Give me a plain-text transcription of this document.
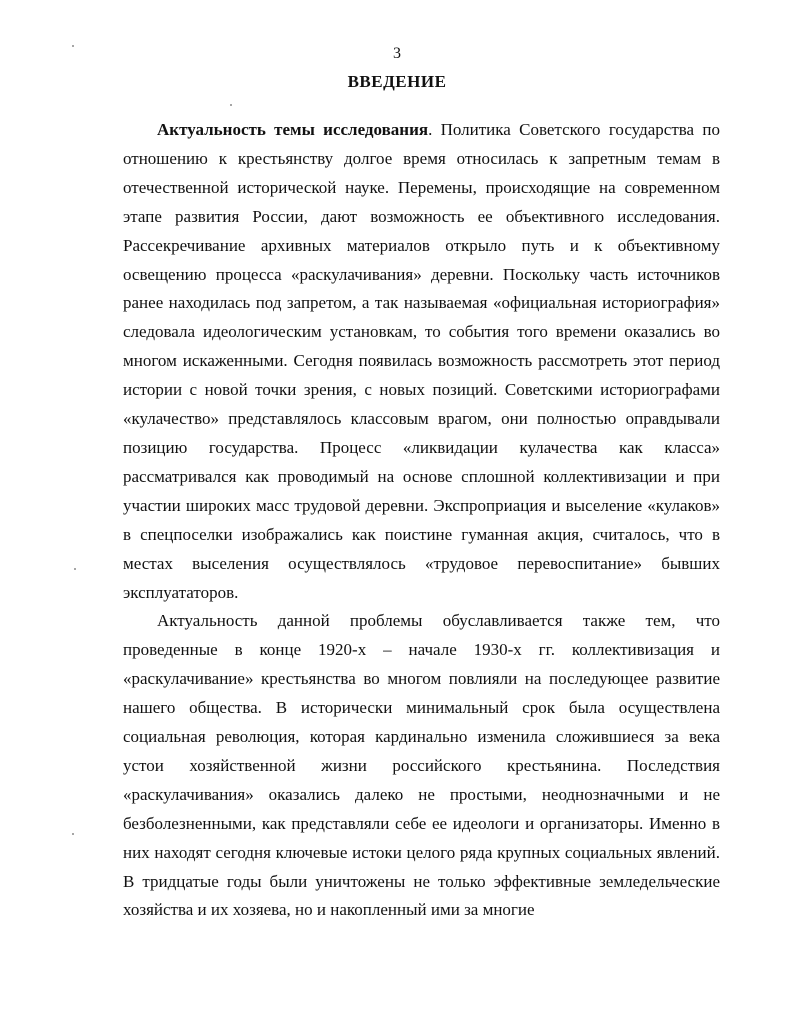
3
ВВЕДЕНИЕ

Актуальность темы исследования. Политика Советского государства по отношению к крестьянству долгое время относилась к запретным темам в отечественной исторической науке. Перемены, происходящие на современном этапе развития России, дают возможность ее объективного исследования. Рассекречивание архивных материалов открыло путь и к объективному освещению процесса «раскулачивания» деревни. Поскольку часть источников ранее находилась под запретом, а так называемая «официальная историография» следовала идеологическим установкам, то события того времени оказались во многом искаженными. Сегодня появилась возможность рассмотреть этот период истории с новой точки зрения, с новых позиций. Советскими историографами «кулачество» представлялось классовым врагом, они полностью оправдывали позицию государства. Процесс «ликвидации кулачества как класса» рассматривался как проводимый на основе сплошной коллективизации и при участии широких масс трудовой деревни. Экспроприация и выселение «кулаков» в спецпоселки изображались как поистине гуманная акция, считалось, что в местах выселения осуществлялось «трудовое перевоспитание» бывших эксплуататоров.

Актуальность данной проблемы обуславливается также тем, что проведенные в конце 1920-х – начале 1930-х гг. коллективизация и «раскулачивание» крестьянства во многом повлияли на последующее развитие нашего общества. В исторически минимальный срок была осуществлена социальная революция, которая кардинально изменила сложившиеся за века устои хозяйственной жизни российского крестьянина. Последствия «раскулачивания» оказались далеко не простыми, неоднозначными и не безболезненными, как представляли себе ее идеологи и организаторы. Именно в них находят сегодня ключевые истоки целого ряда крупных социальных явлений. В тридцатые годы были уничтожены не только эффективные земледельческие хозяйства и их хозяева, но и накопленный ими за многие
